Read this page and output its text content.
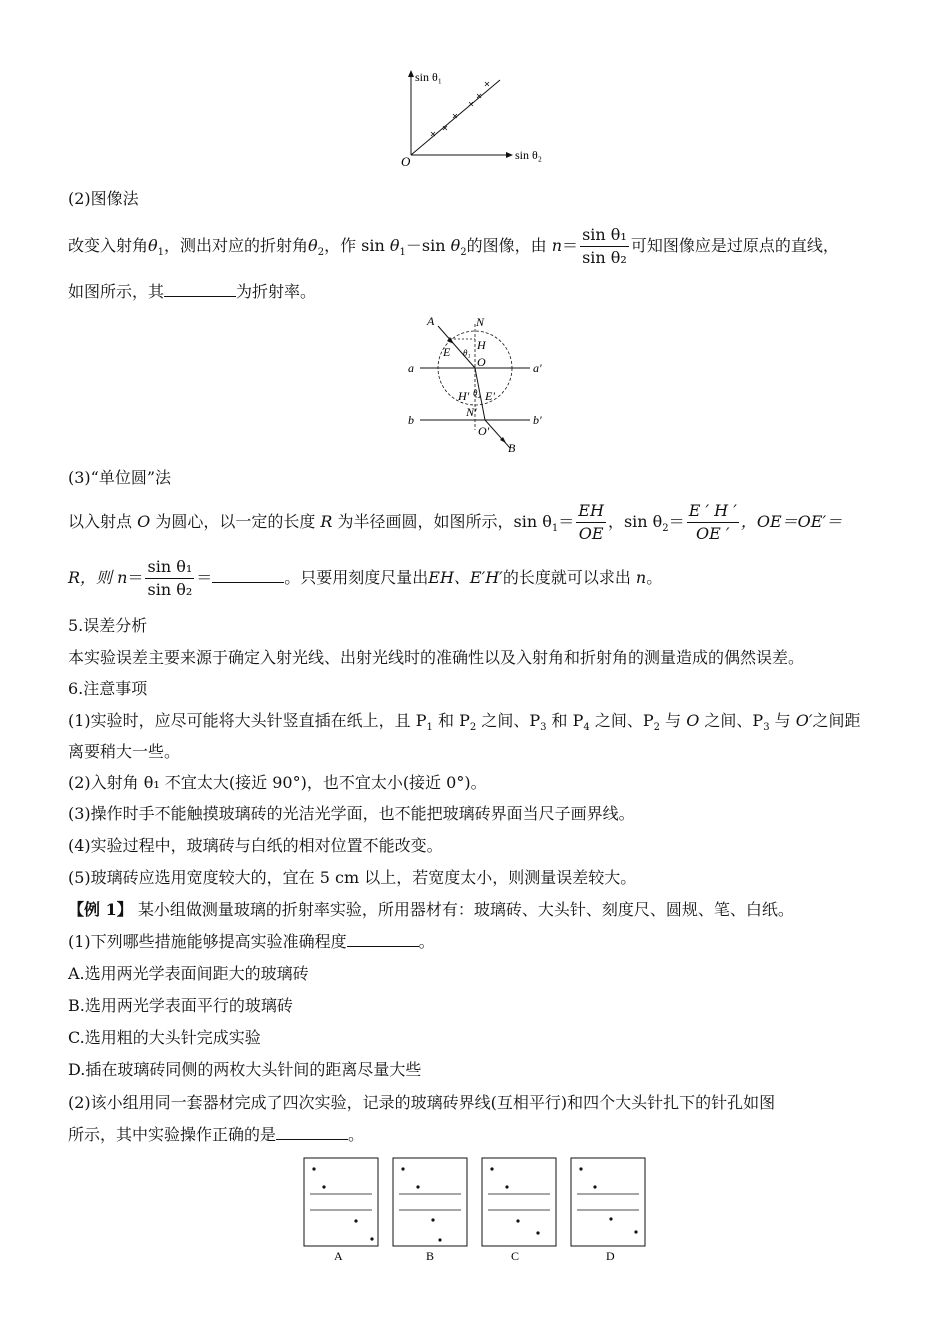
sin θ₁
sin θ₂
O
(2)图像法
改变入射角$\theta_1$，测出对应的折射角$\theta_2$，作 $\sin \theta_1-\sin$ $\theta_2$的图像，由 $n= \frac{\text{sin θ₁}}{\text{sin θ₂}}$ 可知图像应是过原点的直线，
如图所示，其	为折射率。
A	N
E H
θ₁
O
a	a'
H' θ₂ E'
N'
b	b'
O'
B
(3)“单位圆”法
以入射点 O 为圆心，以一定的长度 R 为半径画圆，如图所示，$\sin \theta_1= \frac{EH}{OE}$ ，$\sin \theta_2= \frac{E ' H '}{OE '}$ ，OE＝OE′＝
R，则 $n= \frac{\text{sin θ₁}}{\text{sin θ₂}}$ ＝	。只要用刻度尺量出EH、E′H′的长度就可以求出 n。
5.误差分析
本实验误差主要来源于确定入射光线、出射光线时的准确性以及入射角和折射角的测量造成的偶然误差。
6.注意事项
(1)实验时，应尽可能将大头针竖直插在纸上，且 $P_1$ 和 $P_2$ 之间、$P_3$ 和 $P_4$ 之间、$P_2$ 与 O 之间、$P_3$ 与 O′之间距
离要稍大一些。
(2)入射角 θ₁ 不宜太大(接近 90°)，也不宜太小(接近 0°)。
(3)操作时手不能触摸玻璃砖的光洁光学面，也不能把玻璃砖界面当尺子画界线。
(4)实验过程中，玻璃砖与白纸的相对位置不能改变。
(5)玻璃砖应选用宽度较大的，宜在 5 cm 以上，若宽度太小，则测量误差较大。
【例 1】 某小组做测量玻璃的折射率实验，所用器材有：玻璃砖、大头针、刻度尺、圆规、笔、白纸。
(1)下列哪些措施能够提高实验准确程度	。
A.选用两光学表面间距大的玻璃砖
B.选用两光学表面平行的玻璃砖
C.选用粗的大头针完成实验
D.插在玻璃砖同侧的两枚大头针间的距离尽量大些
(2)该小组用同一套器材完成了四次实验，记录的玻璃砖界线(互相平行)和四个大头针扎下的针孔如图
所示，其中实验操作正确的是	。
A	B	C	D
